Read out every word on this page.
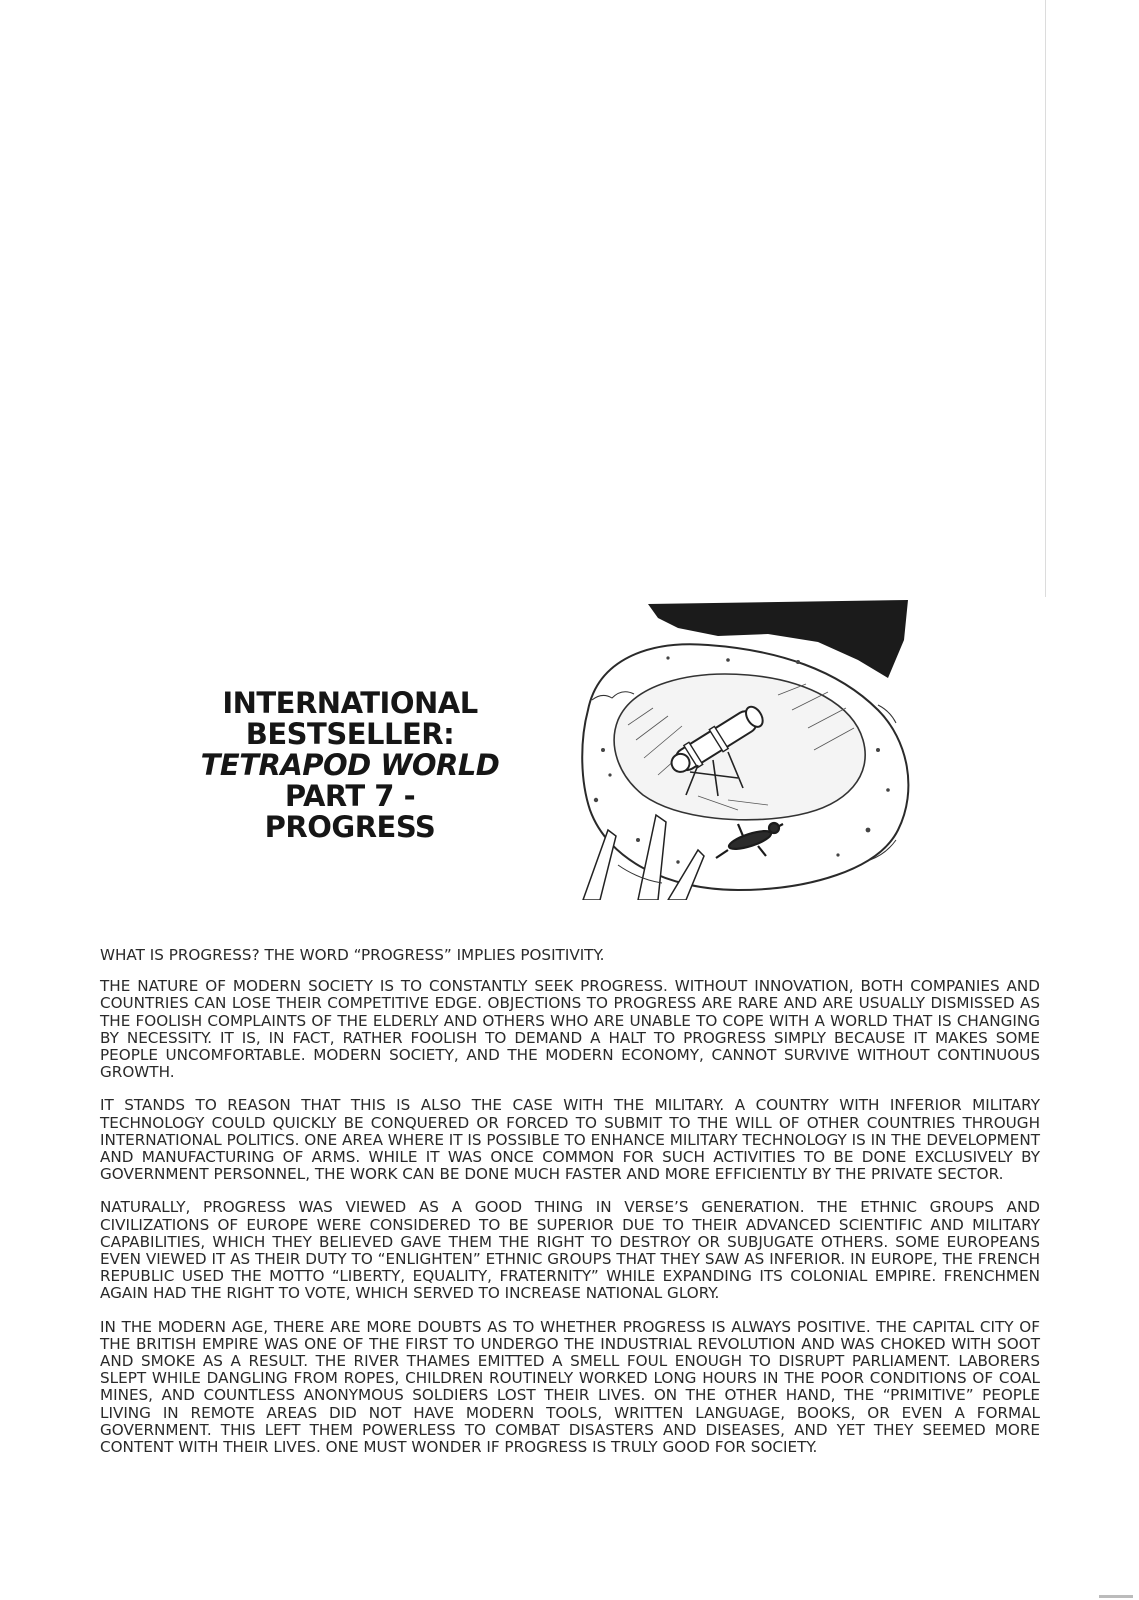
INTERNATIONAL
BESTSELLER:
TETRAPOD WORLD
PART 7 -
PROGRESS

WHAT IS PROGRESS? THE WORD “PROGRESS” IMPLIES POSITIVITY.

THE NATURE OF MODERN SOCIETY IS TO CONSTANTLY SEEK PROGRESS. WITHOUT INNOVATION, BOTH COMPANIES AND COUNTRIES CAN LOSE THEIR COMPETITIVE EDGE. OBJECTIONS TO PROGRESS ARE RARE AND ARE USUALLY DISMISSED AS THE FOOLISH COMPLAINTS OF THE ELDERLY AND OTHERS WHO ARE UNABLE TO COPE WITH A WORLD THAT IS CHANGING BY NECESSITY. IT IS, IN FACT, RATHER FOOLISH TO DEMAND A HALT TO PROGRESS SIMPLY BECAUSE IT MAKES SOME PEOPLE UNCOMFORTABLE. MODERN SOCIETY, AND THE MODERN ECONOMY, CANNOT SURVIVE WITHOUT CONTINUOUS GROWTH.

IT STANDS TO REASON THAT THIS IS ALSO THE CASE WITH THE MILITARY. A COUNTRY WITH INFERIOR MILITARY TECHNOLOGY COULD QUICKLY BE CONQUERED OR FORCED TO SUBMIT TO THE WILL OF OTHER COUNTRIES THROUGH INTERNATIONAL POLITICS. ONE AREA WHERE IT IS POSSIBLE TO ENHANCE MILITARY TECHNOLOGY IS IN THE DEVELOPMENT AND MANUFACTURING OF ARMS. WHILE IT WAS ONCE COMMON FOR SUCH ACTIVITIES TO BE DONE EXCLUSIVELY BY GOVERNMENT PERSONNEL, THE WORK CAN BE DONE MUCH FASTER AND MORE EFFICIENTLY BY THE PRIVATE SECTOR.

NATURALLY, PROGRESS WAS VIEWED AS A GOOD THING IN VERSE’S GENERATION. THE ETHNIC GROUPS AND CIVILIZATIONS OF EUROPE WERE CONSIDERED TO BE SUPERIOR DUE TO THEIR ADVANCED SCIENTIFIC AND MILITARY CAPABILITIES, WHICH THEY BELIEVED GAVE THEM THE RIGHT TO DESTROY OR SUBJUGATE OTHERS. SOME EUROPEANS EVEN VIEWED IT AS THEIR DUTY TO “ENLIGHTEN” ETHNIC GROUPS THAT THEY SAW AS INFERIOR. IN EUROPE, THE FRENCH REPUBLIC USED THE MOTTO “LIBERTY, EQUALITY, FRATERNITY” WHILE EXPANDING ITS COLONIAL EMPIRE. FRENCHMEN AGAIN HAD THE RIGHT TO VOTE, WHICH SERVED TO INCREASE NATIONAL GLORY.

IN THE MODERN AGE, THERE ARE MORE DOUBTS AS TO WHETHER PROGRESS IS ALWAYS POSITIVE. THE CAPITAL CITY OF THE BRITISH EMPIRE WAS ONE OF THE FIRST TO UNDERGO THE INDUSTRIAL REVOLUTION AND WAS CHOKED WITH SOOT AND SMOKE AS A RESULT. THE RIVER THAMES EMITTED A SMELL FOUL ENOUGH TO DISRUPT PARLIAMENT. LABORERS SLEPT WHILE DANGLING FROM ROPES, CHILDREN ROUTINELY WORKED LONG HOURS IN THE POOR CONDITIONS OF COAL MINES, AND COUNTLESS ANONYMOUS SOLDIERS LOST THEIR LIVES. ON THE OTHER HAND, THE “PRIMITIVE” PEOPLE LIVING IN REMOTE AREAS DID NOT HAVE MODERN TOOLS, WRITTEN LANGUAGE, BOOKS, OR EVEN A FORMAL GOVERNMENT. THIS LEFT THEM POWERLESS TO COMBAT DISASTERS AND DISEASES, AND YET THEY SEEMED MORE CONTENT WITH THEIR LIVES. ONE MUST WONDER IF PROGRESS IS TRULY GOOD FOR SOCIETY.
